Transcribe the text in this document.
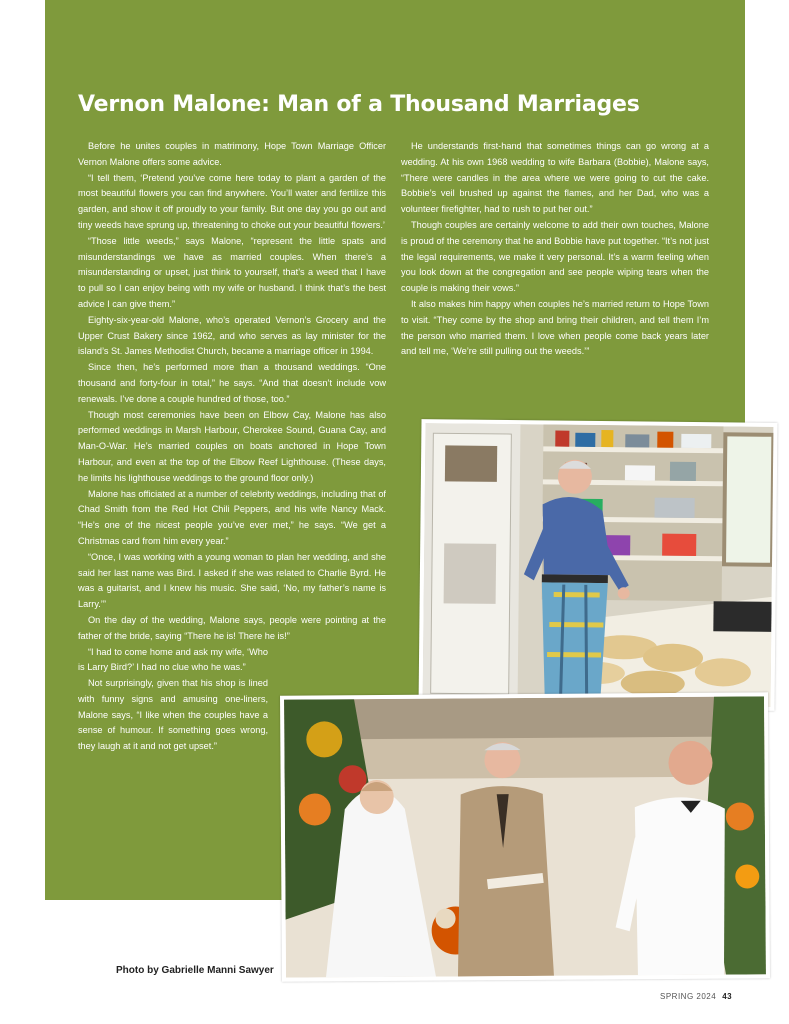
Vernon Malone: Man of a Thousand Marriages

Before he unites couples in matrimony, Hope Town Marriage Officer Vernon Malone offers some advice.

“I tell them, ‘Pretend you’ve come here today to plant a garden of the most beautiful flowers you can find anywhere. You’ll water and fertilize this garden, and show it off proudly to your family. But one day you go out and tiny weeds have sprung up, threatening to choke out your beautiful flowers.’

“Those little weeds,” says Malone, “represent the little spats and misunderstandings we have as married couples. When there’s a misunderstanding or upset, just think to yourself, that’s a weed that I have to pull so I can enjoy being with my wife or husband. I think that’s the best advice I can give them.”

Eighty-six-year-old Malone, who’s operated Vernon’s Grocery and the Upper Crust Bakery since 1962, and who serves as lay minister for the island’s St. James Methodist Church, became a marriage officer in 1994.

Since then, he’s performed more than a thousand weddings. “One thousand and forty-four in total,” he says. “And that doesn’t include vow renewals. I’ve done a couple hundred of those, too.”

Though most ceremonies have been on Elbow Cay, Malone has also performed weddings in Marsh Harbour, Cherokee Sound, Guana Cay, and Man-O-War. He’s married couples on boats anchored in Hope Town Harbour, and even at the top of the Elbow Reef Lighthouse. (These days, he limits his lighthouse weddings to the ground floor only.)

Malone has officiated at a number of celebrity weddings, including that of Chad Smith from the Red Hot Chili Peppers, and his wife Nancy Mack. “He’s one of the nicest people you’ve ever met,” he says. “We get a Christmas card from him every year.”

“Once, I was working with a young woman to plan her wedding, and she said her last name was Bird. I asked if she was related to Charlie Byrd. He was a guitarist, and I knew his music. She said, ‘No, my father’s name is Larry.’”

On the day of the wedding, Malone says, people were pointing at the father of the bride, saying “There he is! There he is!”

“I had to come home and ask my wife, ‘Who is Larry Bird?’ I had no clue who he was.”

Not surprisingly, given that his shop is lined with funny signs and amusing one-liners, Malone says, “I like when the couples have a sense of humour. If something goes wrong, they laugh at it and not get upset.”

He understands first-hand that sometimes things can go wrong at a wedding. At his own 1968 wedding to wife Barbara (Bobbie), Malone says, “There were candles in the area where we were going to cut the cake. Bobbie’s veil brushed up against the flames, and her Dad, who was a volunteer firefighter, had to rush to put her out.”

Though couples are certainly welcome to add their own touches, Malone is proud of the ceremony that he and Bobbie have put together. “It’s not just the legal requirements, we make it very personal. It’s a warm feeling when you look down at the congregation and see people wiping tears when the couple is making their vows.”

It also makes him happy when couples he’s married return to Hope Town to visit. “They come by the shop and bring their children, and tell them I’m the person who married them. I love when people come back years later and tell me, ‘We’re still pulling out the weeds.’”

Photo by Gabrielle Manni Sawyer
SPRING 2024 43
